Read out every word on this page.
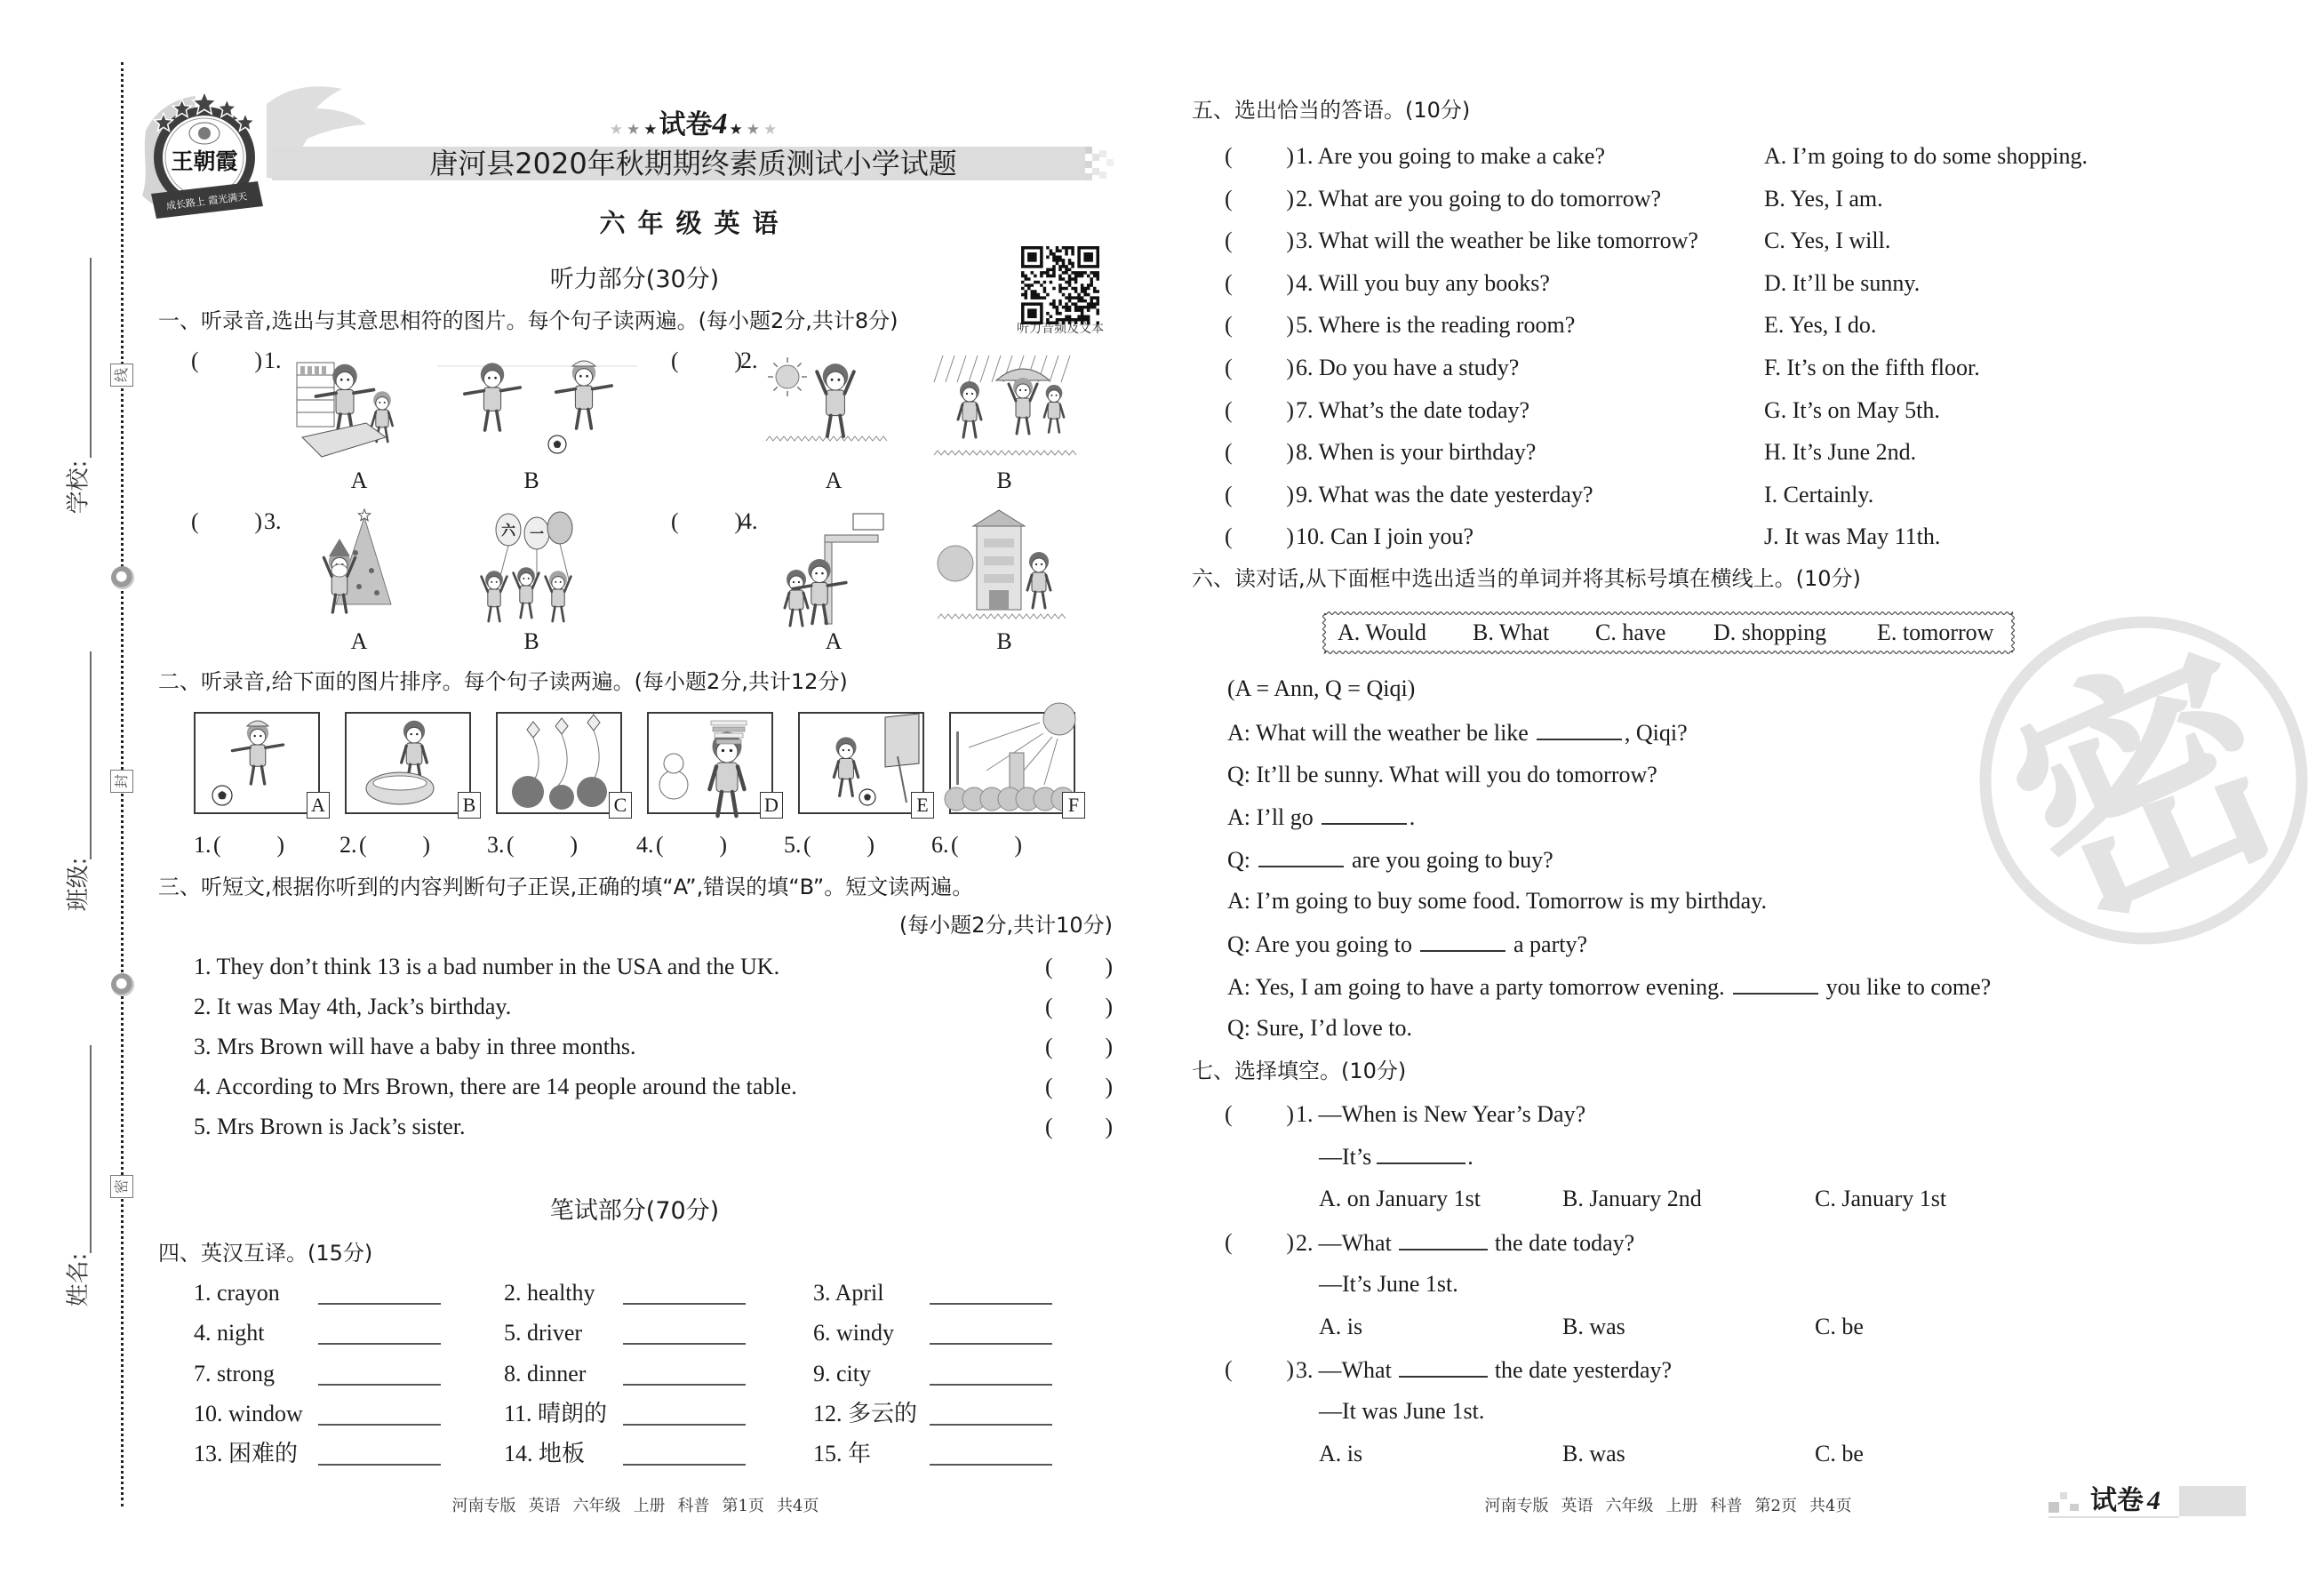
密
线
封
密
学校:
班级:
姓名:
王朝霞
成长路上 霞光满天
★★★试卷4★★★
唐河县2020年秋期期终素质测试小学试题
六年级英语
听力部分(30分)
听力音频及文本
一、听录音,选出与其意思相符的图片。每个句子读两遍。(每小题2分,共计8分)
二、听录音,给下面的图片排序。每个句子读两遍。(每小题2分,共计12分)
三、听短文,根据你听到的内容判断句子正误,正确的填“A”,错误的填“B”。短文读两遍。
(每小题2分,共计10分)
笔试部分(70分)
四、英汉互译。(15分)
五、选出恰当的答语。(10分)
六、读对话,从下面框中选出适当的单词并将其标号填在横线上。(10分)
(A = Ann, Q = Qiqi)
七、选择填空。(10分)
试卷 4
( )
1.
A	B
( )
2.
A	B
( )
3.
A
六 一
B
( )
4.
A	B
A	B	C	D	E	F
1. ( )	2. ( )	3. ( )	4. ( )	5. ( )	6.
( )
1. They don’t think 13 is a bad number in the USA and the UK.
( )
2. It was May 4th, Jack’s birthday.
( )
3. Mrs Brown will have a baby in three months.
( )
4. According to Mrs Brown, there are 14 people around the table.
( )
5. Mrs Brown is Jack’s sister.
( )
1. crayon	2. healthy	3. April
4. night	5. driver	6. windy
7. strong	8. dinner	9. city
10. window	11. 晴朗的	12. 多云的
13. 困难的	14. 地板	15. 年
河南专版 英语 六年级 上册 科普 第1页 共4页	河南专版 英语 六年级 上册 科普 第2页 共4页
( )
1. Are you going to make a cake?	A. I’m going to do some shopping.
( )
2. What are you going to do tomorrow?	B. Yes, I am.
( )
3. What will the weather be like tomorrow?	C. Yes, I will.
( )
4. Will you buy any books?	D. It’ll be sunny.
( )
5. Where is the reading room?	E. Yes, I do.
( )
6. Do you have a study?	F. It’s on the fifth floor.
( )
7. What’s the date today?	G. It’s on May 5th.
( )
8. When is your birthday?	H. It’s June 2nd.
( )
9. What was the date yesterday?	I. Certainly.
( )
10. Can I join you?	J. It was May 11th.
A. Would B. What C. have D. shopping E. tomorrow
A: What will the weather be like	, Qiqi?
Q: It’ll be sunny. What will you do tomorrow?
A: I’ll go	.
Q:	are you going to buy?
A: I’m going to buy some food. Tomorrow is my birthday.
Q: Are you going to	a party?
A: Yes, I am going to have a party tomorrow evening.	you like to come?
Q: Sure, I’d love to.
( )
1. —When is New Year’s Day?
—It’s	.
A. on January 1st	B. January 2nd	C. January 1st
( )
2. —What	the date today?
—It’s June 1st.
A. is	B. was	C. be
( )
3. —What	the date yesterday?
—It was June 1st.
A. is	B. was	C. be
